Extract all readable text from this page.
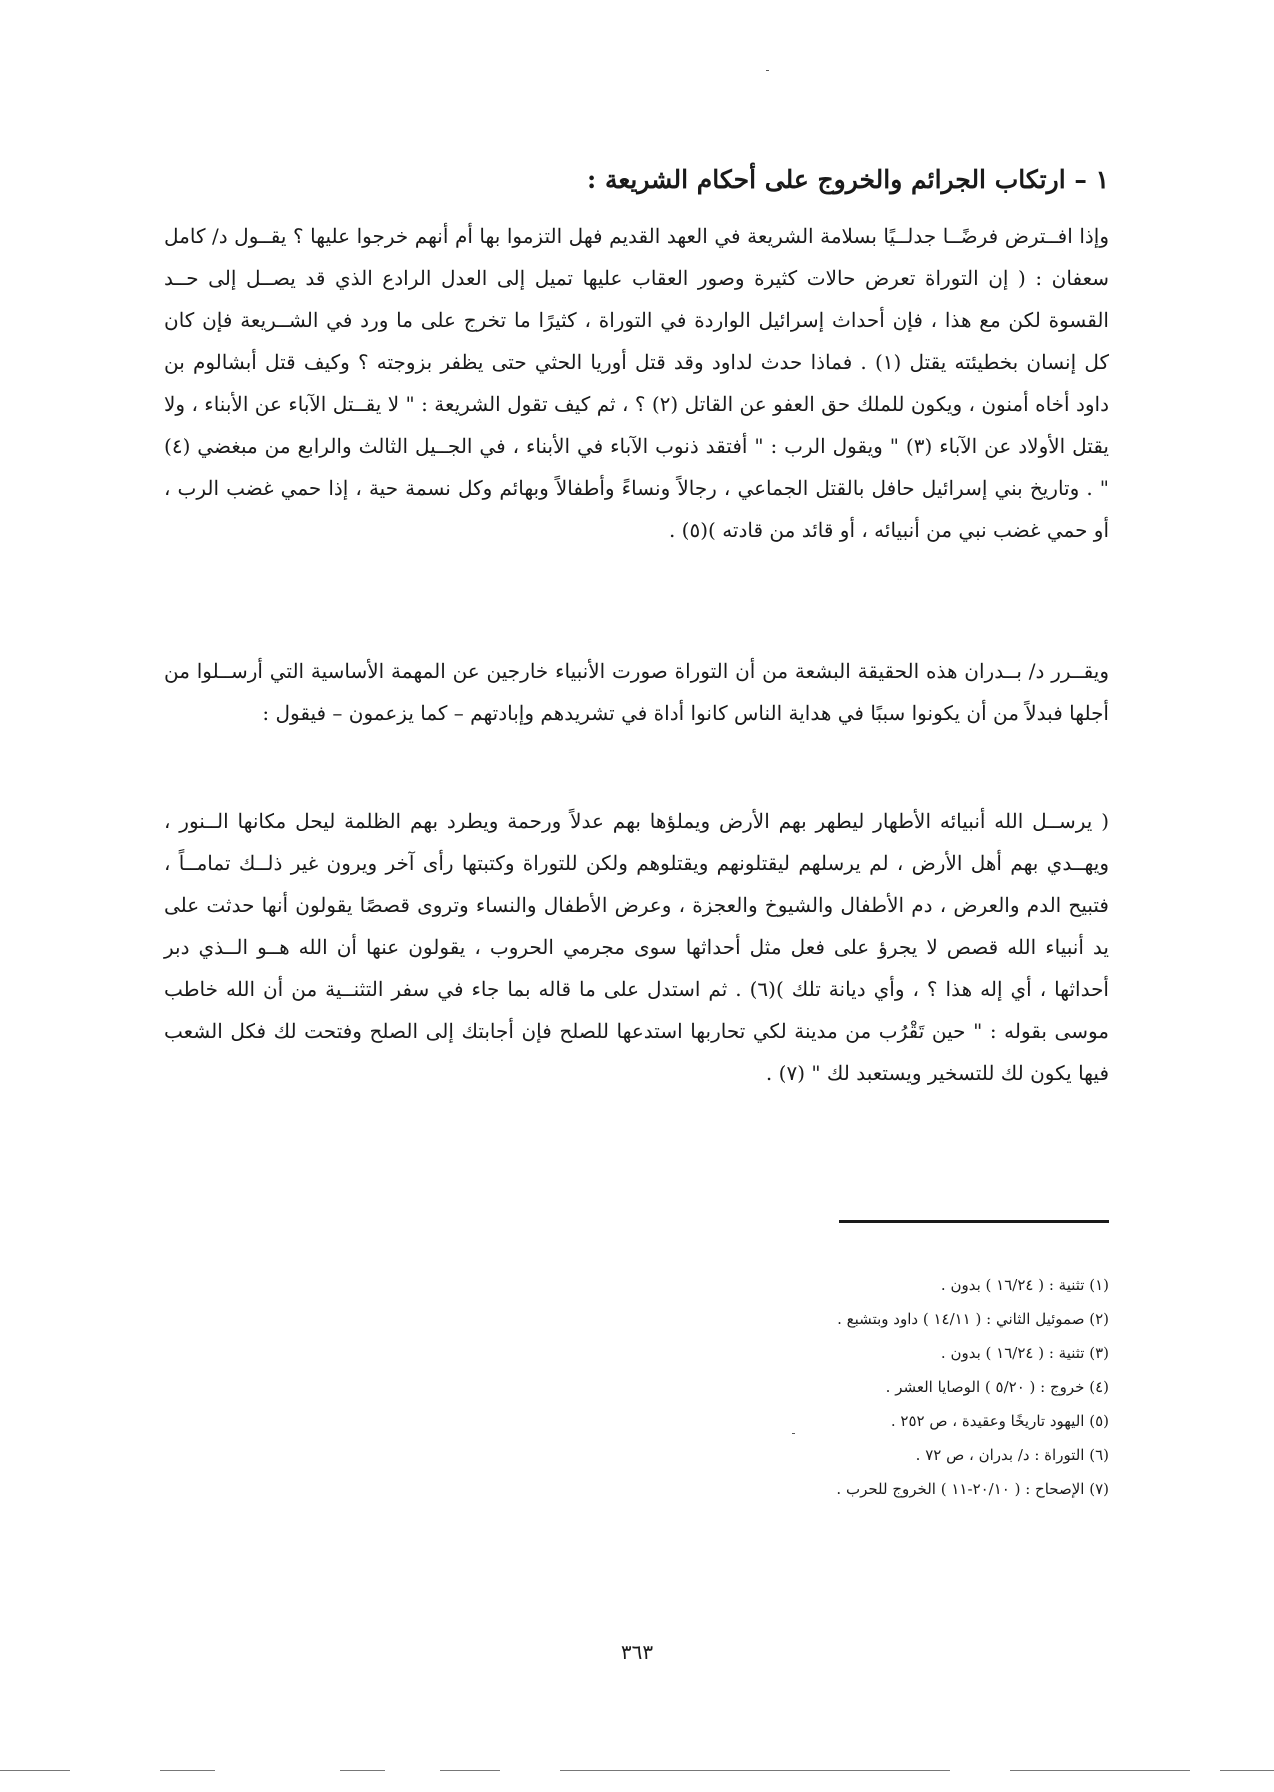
١ – ارتكاب الجرائم والخروج على أحكام الشريعة :

وإذا افــترض فرضًــا جدلــيًا بسلامة الشريعة في العهد القديم فهل التزموا بها أم أنهم خرجوا عليها ؟ يقــول د/ كامل سعفان : ( إن التوراة تعرض حالات كثيرة وصور العقاب عليها تميل إلى العدل الرادع الذي قد يصــل إلى حــد القسوة لكن مع هذا ، فإن أحداث إسرائيل الواردة في التوراة ، كثيرًا ما تخرج على ما ورد في الشــريعة فإن كان كل إنسان بخطيئته يقتل (١) . فماذا حدث لداود وقد قتل أوريا الحثي حتى يظفر بزوجته ؟ وكيف قتل أبشالوم بن داود أخاه أمنون ، ويكون للملك حق العفو عن القاتل (٢) ؟ ، ثم كيف تقول الشريعة : " لا يقــتل الآباء عن الأبناء ، ولا يقتل الأولاد عن الآباء (٣) " ويقول الرب : " أفتقد ذنوب الآباء في الأبناء ، في الجــيل الثالث والرابع من مبغضي (٤) " . وتاريخ بني إسرائيل حافل بالقتل الجماعي ، رجالاً ونساءً وأطفالاً وبهائم وكل نسمة حية ، إذا حمي غضب الرب ، أو حمي غضب نبي من أنبيائه ، أو قائد من قادته )(٥) .

ويقــرر د/ بــدران هذه الحقيقة البشعة من أن التوراة صورت الأنبياء خارجين عن المهمة الأساسية التي أرســلوا من أجلها فبدلاً من أن يكونوا سببًا في هداية الناس كانوا أداة في تشريدهم وإبادتهم – كما يزعمون – فيقول :

( يرســل الله أنبيائه الأطهار ليطهر بهم الأرض ويملؤها بهم عدلاً ورحمة ويطرد بهم الظلمة ليحل مكانها الــنور ، ويهــدي بهم أهل الأرض ، لم يرسلهم ليقتلونهم ويقتلوهم ولكن للتوراة وكتبتها رأى آخر ويرون غير ذلــك تمامــاً ، فتبيح الدم والعرض ، دم الأطفال والشيوخ والعجزة ، وعرض الأطفال والنساء وتروى قصصًا يقولون أنها حدثت على يد أنبياء الله قصص لا يجرؤ على فعل مثل أحداثها سوى مجرمي الحروب ، يقولون عنها أن الله هــو الــذي دبر أحداثها ، أي إله هذا ؟ ، وأي ديانة تلك )(٦) . ثم استدل على ما قاله بما جاء في سفر التثنــية من أن الله خاطب موسى بقوله : " حين تَقْرُب من مدينة لكي تحاربها استدعها للصلح فإن أجابتك إلى الصلح وفتحت لك فكل الشعب فيها يكون لك للتسخير ويستعبد لك " (٧) .

(١) تثنية : ( ١٦/٢٤ ) بدون .
(٢) صموئيل الثاني : ( ١٤/١١ ) داود وبتشبع .
(٣) تثنية : ( ١٦/٢٤ ) بدون .
(٤) خروج : ( ٥/٢٠ ) الوصايا العشر .
(٥) اليهود تاريخًا وعقيدة ، ص ٢٥٢ .
(٦) التوراة : د/ بدران ، ص ٧٢ .
(٧) الإصحاح : ( ٢٠/١٠-١١ ) الخروج للحرب .
٣٦٣
